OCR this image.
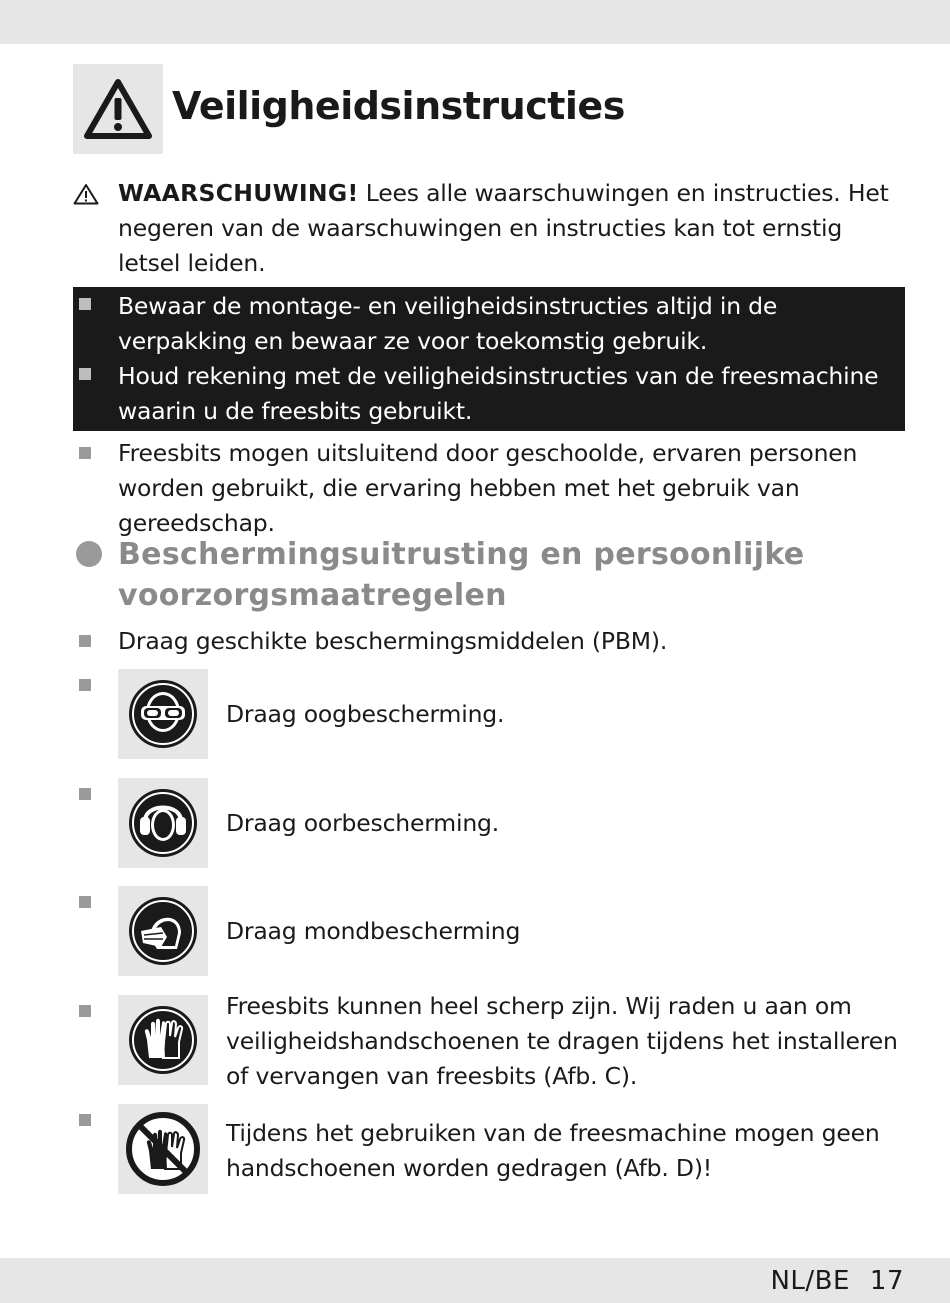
Veiligheidsinstructies
WAARSCHUWING! Lees alle waarschuwingen en instructies. Het negeren van de waarschuwingen en instructies kan tot ernstig letsel leiden.
Bewaar de montage- en veiligheidsinstructies altijd in de verpakking en bewaar ze voor toekomstig gebruik.
Houd rekening met de veiligheidsinstructies van de freesmachine waarin u de freesbits gebruikt.
Freesbits mogen uitsluitend door geschoolde, ervaren personen worden gebruikt, die ervaring hebben met het gebruik van gereedschap.
Beschermingsuitrusting en persoonlijke voorzorgsmaatregelen
Draag geschikte beschermingsmiddelen (PBM).
Draag oogbescherming.
Draag oorbescherming.
Draag mondbescherming
Freesbits kunnen heel scherp zijn. Wij raden u aan om veiligheidshandschoenen te dragen tijdens het installeren of vervangen van freesbits (Afb. C).
Tijdens het gebruiken van de freesmachine mogen geen handschoenen worden gedragen (Afb. D)!
NL/BE 17
